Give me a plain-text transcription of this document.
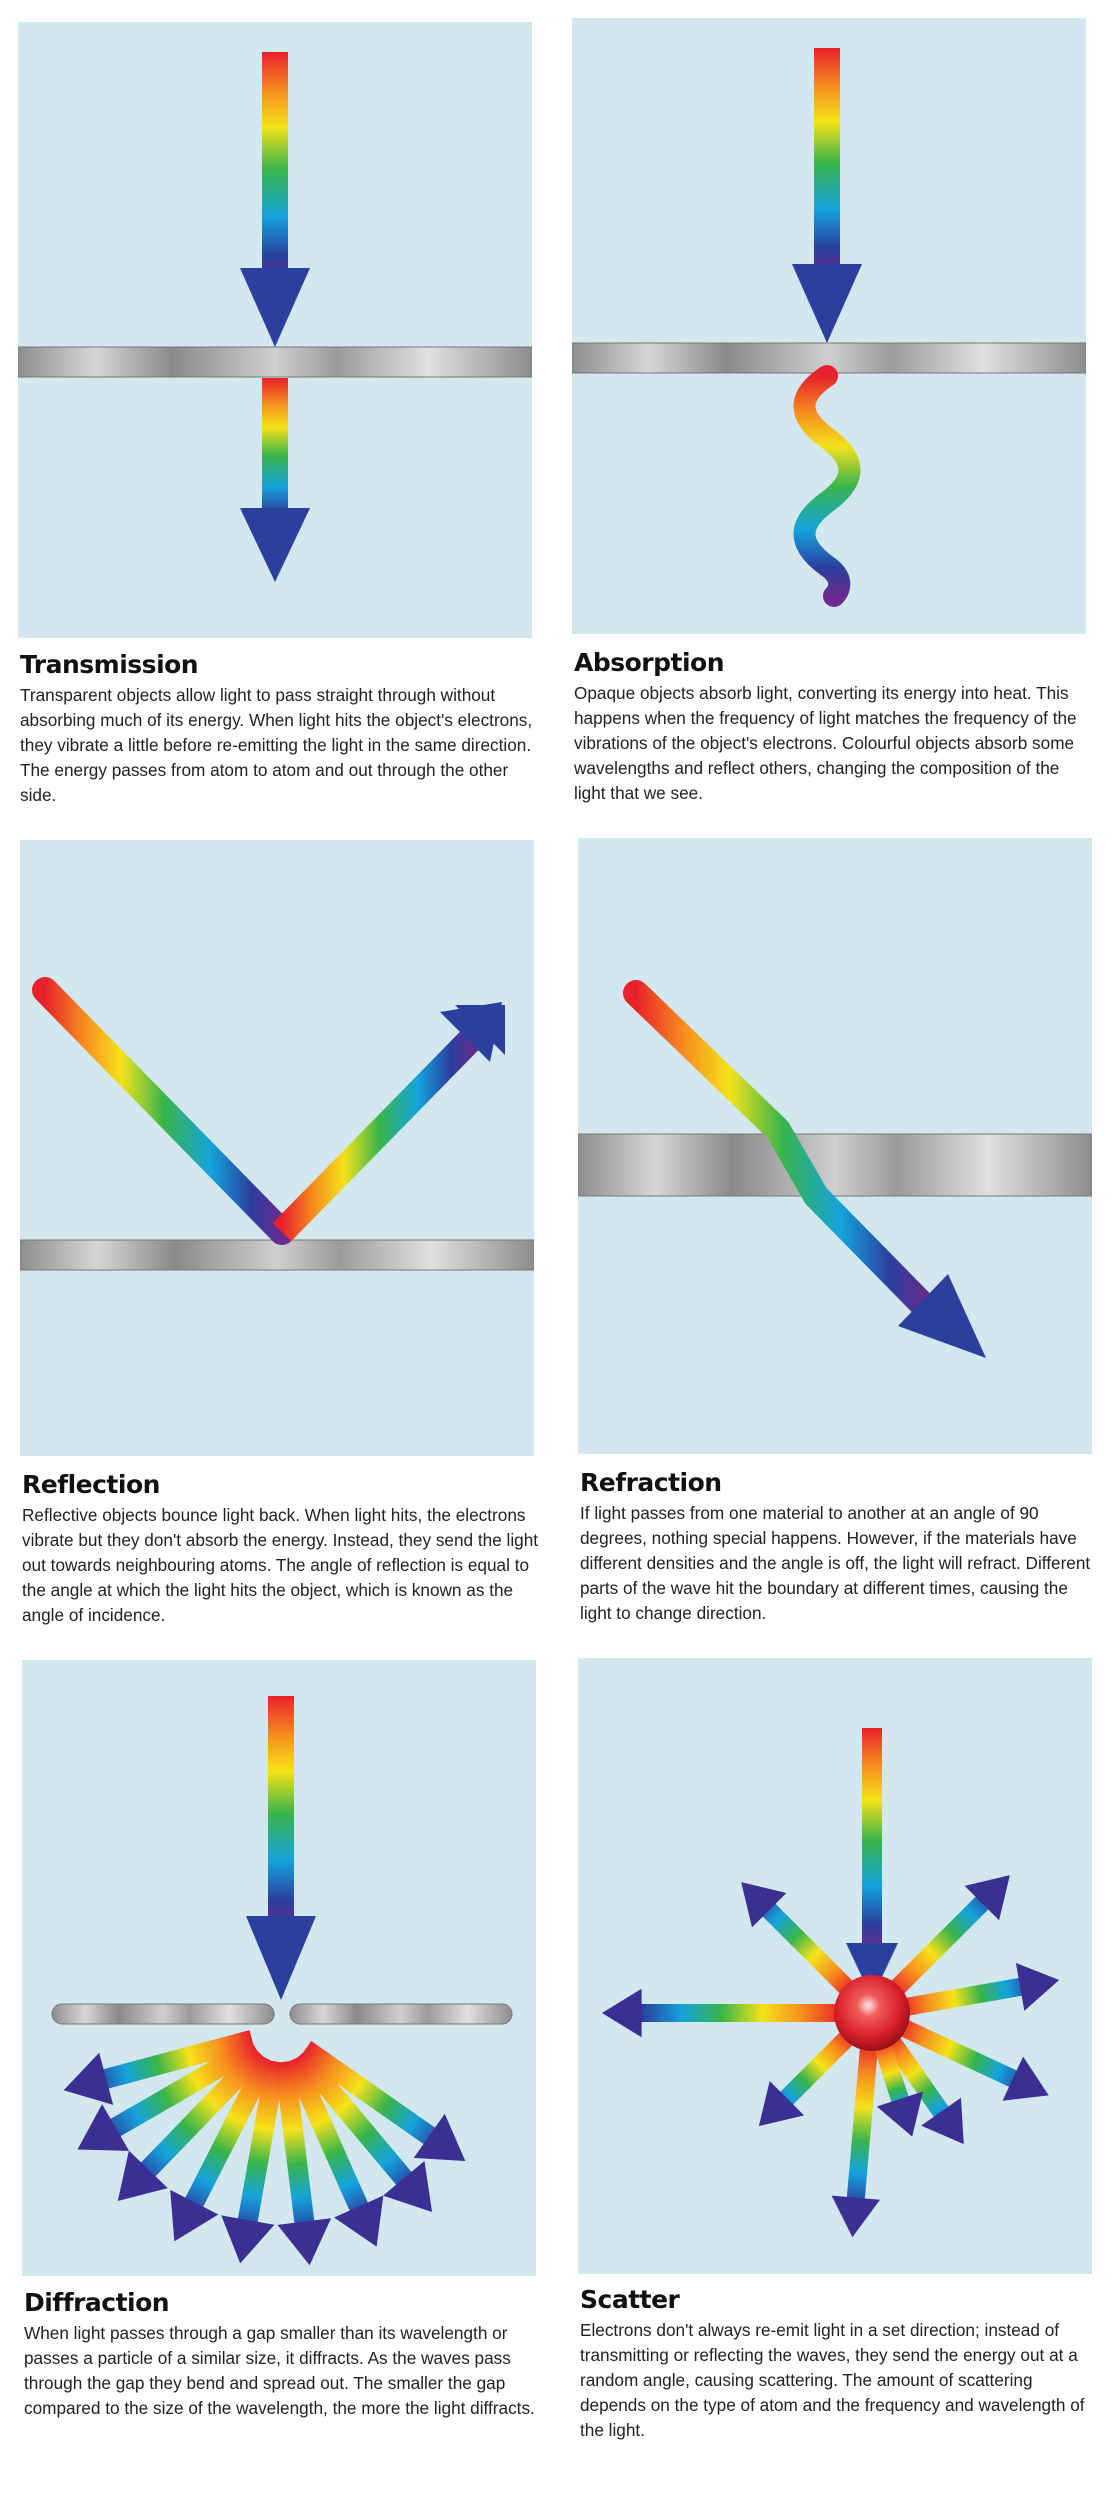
Transmission

Transparent objects allow light to pass straight through without absorbing much of its energy. When light hits the object's electrons, they vibrate a little before re-emitting the light in the same direction. The energy passes from atom to atom and out through the other side.

Absorption

Opaque objects absorb light, converting its energy into heat. This happens when the frequency of light matches the frequency of the vibrations of the object's electrons. Colourful objects absorb some wavelengths and reflect others, changing the composition of the light that we see.

Reflection

Reflective objects bounce light back. When light hits, the electrons vibrate but they don't absorb the energy. Instead, they send the light out towards neighbouring atoms. The angle of reflection is equal to the angle at which the light hits the object, which is known as the angle of incidence.

Refraction

If light passes from one material to another at an angle of 90 degrees, nothing special happens. However, if the materials have different densities and the angle is off, the light will refract. Different parts of the wave hit the boundary at different times, causing the light to change direction.

Diffraction

When light passes through a gap smaller than its wavelength or passes a particle of a similar size, it diffracts. As the waves pass through the gap they bend and spread out. The smaller the gap compared to the size of the wavelength, the more the light diffracts.

Scatter

Electrons don't always re-emit light in a set direction; instead of transmitting or reflecting the waves, they send the energy out at a random angle, causing scattering. The amount of scattering depends on the type of atom and the frequency and wavelength of the light.
